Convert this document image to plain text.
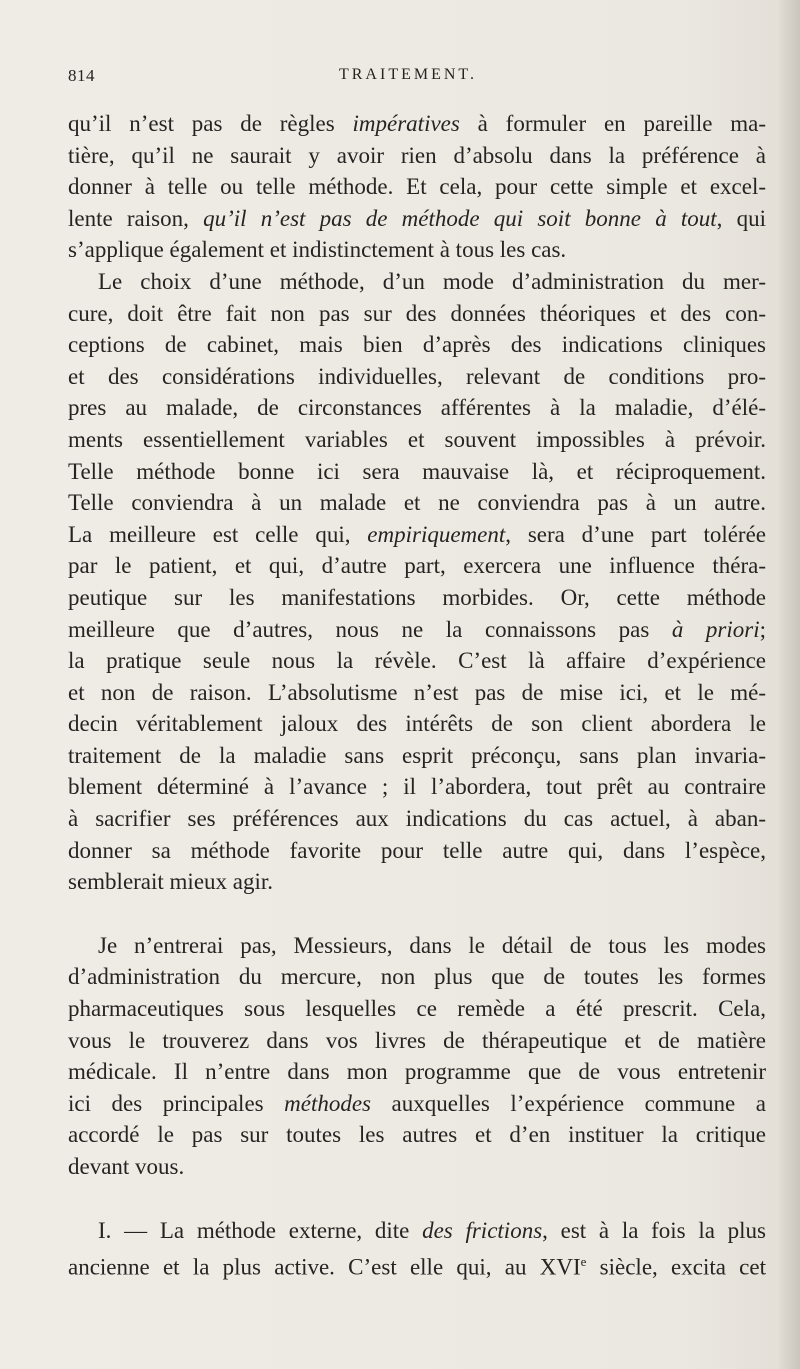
814	TRAITEMENT.

qu’il n’est pas de règles impératives à formuler en pareille ma-
tière, qu’il ne saurait y avoir rien d’absolu dans la préférence à
donner à telle ou telle méthode. Et cela, pour cette simple et excel-
lente raison, qu’il n’est pas de méthode qui soit bonne à tout, qui
s’applique également et indistinctement à tous les cas.

Le choix d’une méthode, d’un mode d’administration du mer-
cure, doit être fait non pas sur des données théoriques et des con-
ceptions de cabinet, mais bien d’après des indications cliniques
et des considérations individuelles, relevant de conditions pro-
pres au malade, de circonstances afférentes à la maladie, d’élé-
ments essentiellement variables et souvent impossibles à prévoir.
Telle méthode bonne ici sera mauvaise là, et réciproquement.
Telle conviendra à un malade et ne conviendra pas à un autre.
La meilleure est celle qui, empiriquement, sera d’une part tolérée
par le patient, et qui, d’autre part, exercera une influence théra-
peutique sur les manifestations morbides. Or, cette méthode
meilleure que d’autres, nous ne la connaissons pas à priori;
la pratique seule nous la révèle. C’est là affaire d’expérience
et non de raison. L’absolutisme n’est pas de mise ici, et le mé-
decin véritablement jaloux des intérêts de son client abordera le
traitement de la maladie sans esprit préconçu, sans plan invaria-
blement déterminé à l’avance ; il l’abordera, tout prêt au contraire
à sacrifier ses préférences aux indications du cas actuel, à aban-
donner sa méthode favorite pour telle autre qui, dans l’espèce,
semblerait mieux agir.

Je n’entrerai pas, Messieurs, dans le détail de tous les modes
d’administration du mercure, non plus que de toutes les formes
pharmaceutiques sous lesquelles ce remède a été prescrit. Cela,
vous le trouverez dans vos livres de thérapeutique et de matière
médicale. Il n’entre dans mon programme que de vous entretenir
ici des principales méthodes auxquelles l’expérience commune a
accordé le pas sur toutes les autres et d’en instituer la critique
devant vous.

I. — La méthode externe, dite des frictions, est à la fois la plus
ancienne et la plus active. C’est elle qui, au XVIe siècle, excita cet
